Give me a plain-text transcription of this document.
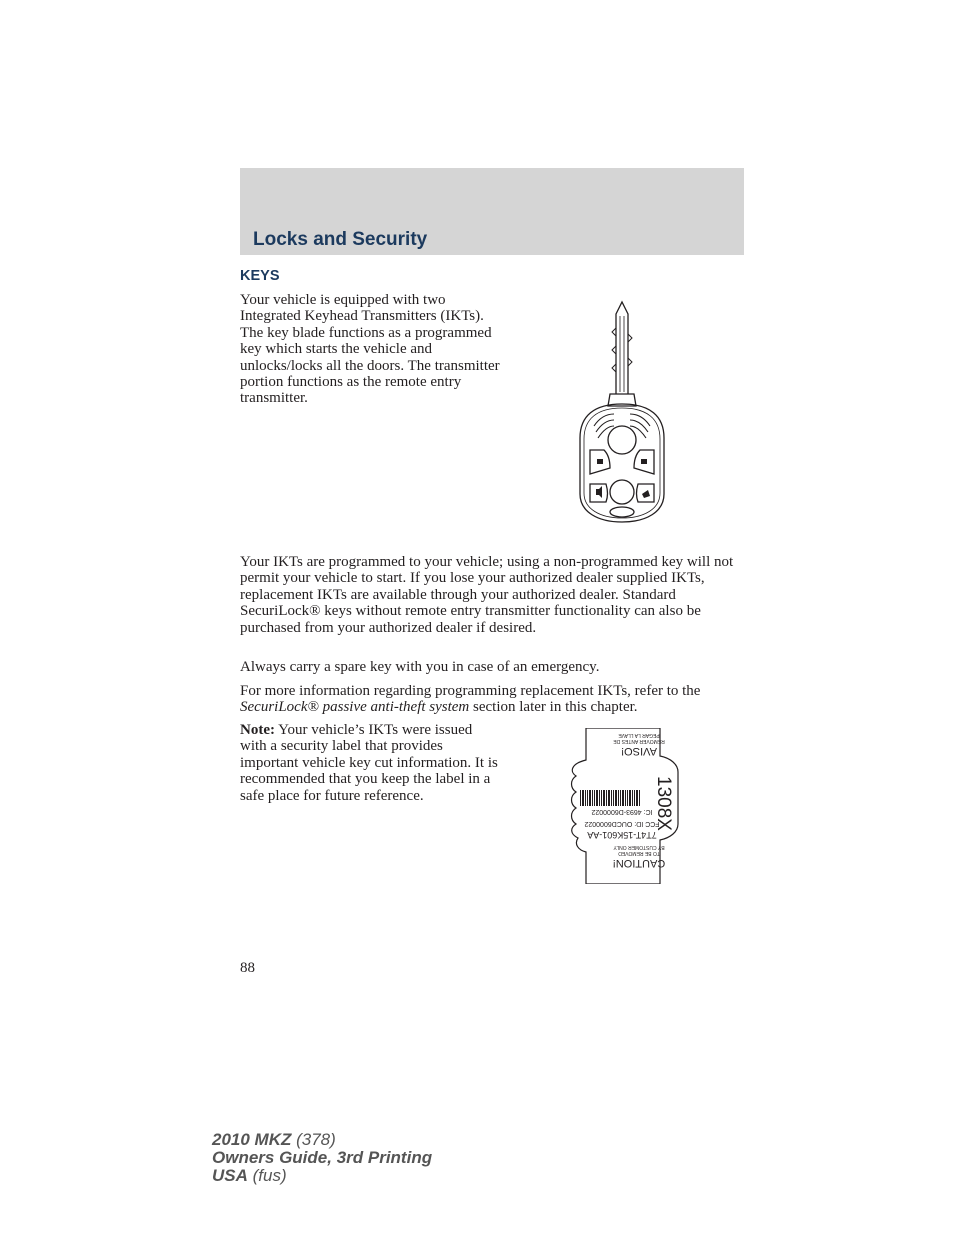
Locks and Security
KEYS

Your vehicle is equipped with two Integrated Keyhead Transmitters (IKTs). The key blade functions as a programmed key which starts the vehicle and unlocks/locks all the doors. The transmitter portion functions as the remote entry transmitter.

Your IKTs are programmed to your vehicle; using a non-programmed key will not permit your vehicle to start. If you lose your authorized dealer supplied IKTs, replacement IKTs are available through your authorized dealer. Standard SecuriLock® keys without remote entry transmitter functionality can also be purchased from your authorized dealer if desired.

Always carry a spare key with you in case of an emergency.

For more information regarding programming replacement IKTs, refer to the SecuriLock® passive anti-theft system section later in this chapter.

Note: Your vehicle’s IKTs were issued with a security label that provides important vehicle key cut information. It is recommended that you keep the label in a safe place for future reference.

AVISO!
REMOVER ANTES DE
PEGAR LA LLAVE
CAUTION!
TO BE REMOVED
BY CUSTOMER ONLY
IC: 4693-D6000022
FCC ID: OUCD6000022
7T4T-15K601-AA
1308X
88
2010 MKZ (378)
Owners Guide, 3rd Printing
USA (fus)
